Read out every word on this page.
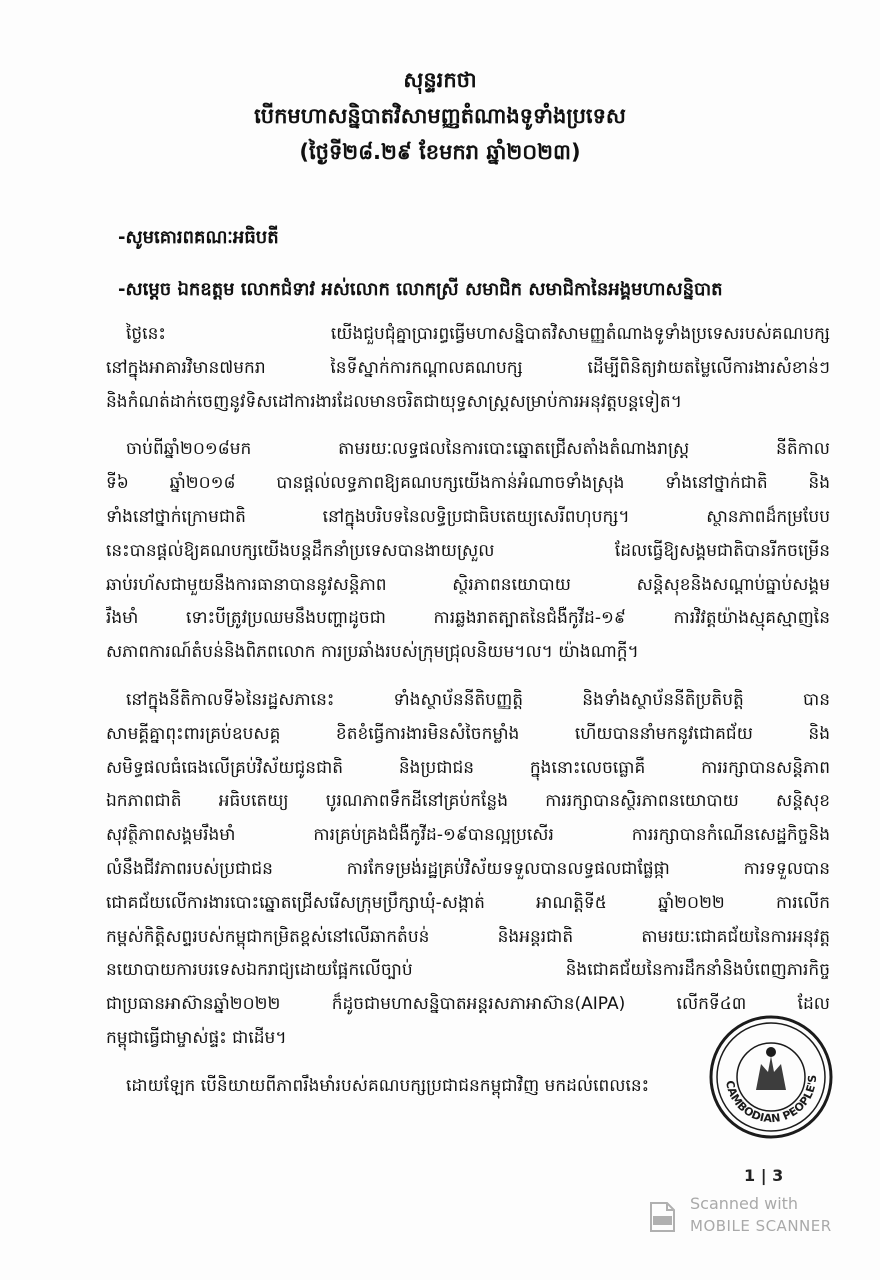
សុន្ទរកថា
បើកមហាសន្និបាតវិសាមញ្ញតំណាងទូទាំងប្រទេស
(ថ្ងៃទី២៨.២៩ ខែមករា ឆ្នាំ២០២៣)
-សូមគោរពគណៈអធិបតី
-សម្តេច ឯកឧត្តម លោកជំទាវ អស់លោក លោកស្រី សមាជិក សមាជិកានៃអង្គមហាសន្និបាត
ថ្ងៃនេះ យើងជួបជុំគ្នាប្រារព្ធធ្វើមហាសន្និបាតវិសាមញ្ញតំណាងទូទាំងប្រទេសរបស់គណបក្ស
នៅក្នុងអាគារវិមាន៧មករា នៃទីស្នាក់ការកណ្តាលគណបក្ស ដើម្បីពិនិត្យវាយតម្លៃលើការងារសំខាន់ៗ
និងកំណត់ដាក់ចេញនូវទិសដៅការងារដែលមានចរិតជាយុទ្ធសាស្ត្រសម្រាប់ការអនុវត្តបន្តទៀត។
ចាប់ពីឆ្នាំ២០១៨មក តាមរយៈលទ្ធផលនៃការបោះឆ្នោតជ្រើសតាំងតំណាងរាស្ត្រ នីតិកាល
ទី៦ ឆ្នាំ២០១៨ បានផ្តល់លទ្ធភាពឱ្យគណបក្សយើងកាន់អំណាចទាំងស្រុង ទាំងនៅថ្នាក់ជាតិ និង
ទាំងនៅថ្នាក់ក្រោមជាតិ នៅក្នុងបរិបទនៃលទ្ធិប្រជាធិបតេយ្យសេរីពហុបក្ស។ ស្ថានភាពដ៏កម្របែប
នេះបានផ្តល់ឱ្យគណបក្សយើងបន្តដឹកនាំប្រទេសបានងាយស្រួល ដែលធ្វើឱ្យសង្គមជាតិបានរីកចម្រើន
ឆាប់រហ័សជាមួយនឹងការធានាបាននូវសន្តិភាព ស្ថិរភាពនយោបាយ សន្តិសុខនិងសណ្តាប់ធ្នាប់សង្គម
រឹងមាំ ទោះបីត្រូវប្រឈមនឹងបញ្ហាដូចជា ការឆ្លងរាតត្បាតនៃជំងឺកូវីដ-១៩ ការវិវត្តយ៉ាងស្មុគស្មាញនៃ
សភាពការណ៍តំបន់និងពិភពលោក ការប្រឆាំងរបស់ក្រុមជ្រុលនិយម។ល។ យ៉ាងណាក្តី។
នៅក្នុងនីតិកាលទី៦នៃរដ្ឋសភានេះ ទាំងស្ថាប័ននីតិបញ្ញត្តិ និងទាំងស្ថាប័ននីតិប្រតិបត្តិ បាន
សាមគ្គីគ្នាពុះពារគ្រប់ឧបសគ្គ ខិតខំធ្វើការងារមិនសំចៃកម្លាំង ហើយបាននាំមកនូវជោគជ័យ និង
សមិទ្ធផលធំធេងលើគ្រប់វិស័យជូនជាតិ និងប្រជាជន ក្នុងនោះលេចធ្លោគឺ ការរក្សាបានសន្តិភាព
ឯកភាពជាតិ អធិបតេយ្យ បូរណភាពទឹកដីនៅគ្រប់កន្លែង ការរក្សាបានស្ថិរភាពនយោបាយ សន្តិសុខ
សុវត្ថិភាពសង្គមរឹងមាំ ការគ្រប់គ្រងជំងឺកូវីដ-១៩បានល្អប្រសើរ ការរក្សាបានកំណើនសេដ្ឋកិច្ចនិង
លំនឹងជីវភាពរបស់ប្រជាជន ការកែទម្រង់រដ្ឋគ្រប់វិស័យទទួលបានលទ្ធផលជាផ្លែផ្កា ការទទួលបាន
ជោគជ័យលើការងារបោះឆ្នោតជ្រើសរើសក្រុមប្រឹក្សាឃុំ-សង្កាត់ អាណត្តិទី៥ ឆ្នាំ២០២២ ការលើក
កម្ពស់កិត្តិសព្ទរបស់កម្ពុជាកម្រិតខ្ពស់នៅលើឆាកតំបន់ និងអន្តរជាតិ តាមរយៈជោគជ័យនៃការអនុវត្ត
នយោបាយការបរទេសឯករាជ្យដោយផ្អែកលើច្បាប់ និងជោគជ័យនៃការដឹកនាំនិងបំពេញភារកិច្ច
ជាប្រធានអាស៊ានឆ្នាំ២០២២ ក៏ដូចជាមហាសន្និបាតអន្តរសភាអាស៊ាន(AIPA) លើកទី៤៣ ដែល
កម្ពុជាធ្វើជាម្ចាស់ផ្ទះ ជាដើម។
ដោយឡែក បើនិយាយពីភាពរឹងមាំរបស់គណបក្សប្រជាជនកម្ពុជាវិញ មកដល់ពេលនេះ	CAMBODIAN PEOPLE'S
1 | 3
Scanned with
MOBILE SCANNER
